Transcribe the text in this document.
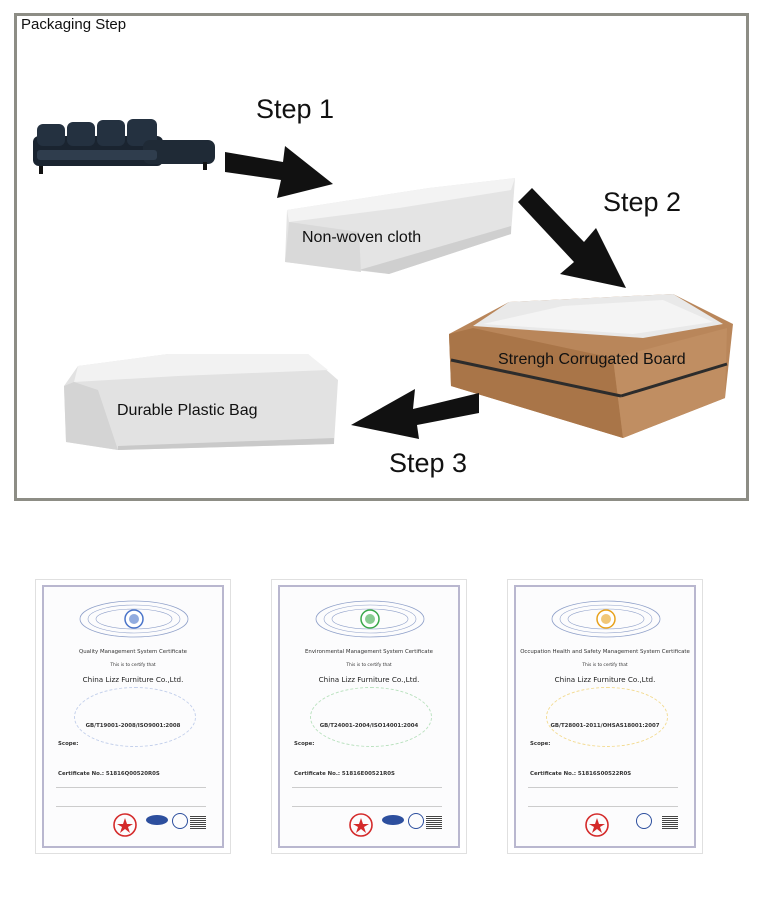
Packaging Step
Step 1
Non-woven cloth
Step 2
Strengh Corrugated Board
Step 3
Durable Plastic Bag
Quality Management System Certificate
This is to certify that
China Lizz Furniture Co.,Ltd.
GB/T19001-2008/ISO9001:2008
Scope:
Certificate No.: 51816Q00520R0S
Environmental Management System Certificate
This is to certify that
China Lizz Furniture Co.,Ltd.
GB/T24001-2004/ISO14001:2004
Scope:
Certificate No.: 51816E00521R0S
Occupation Health and Safety Management System Certificate
This is to certify that
China Lizz Furniture Co.,Ltd.
GB/T28001-2011/OHSAS18001:2007
Scope:
Certificate No.: 51816S00522R0S
